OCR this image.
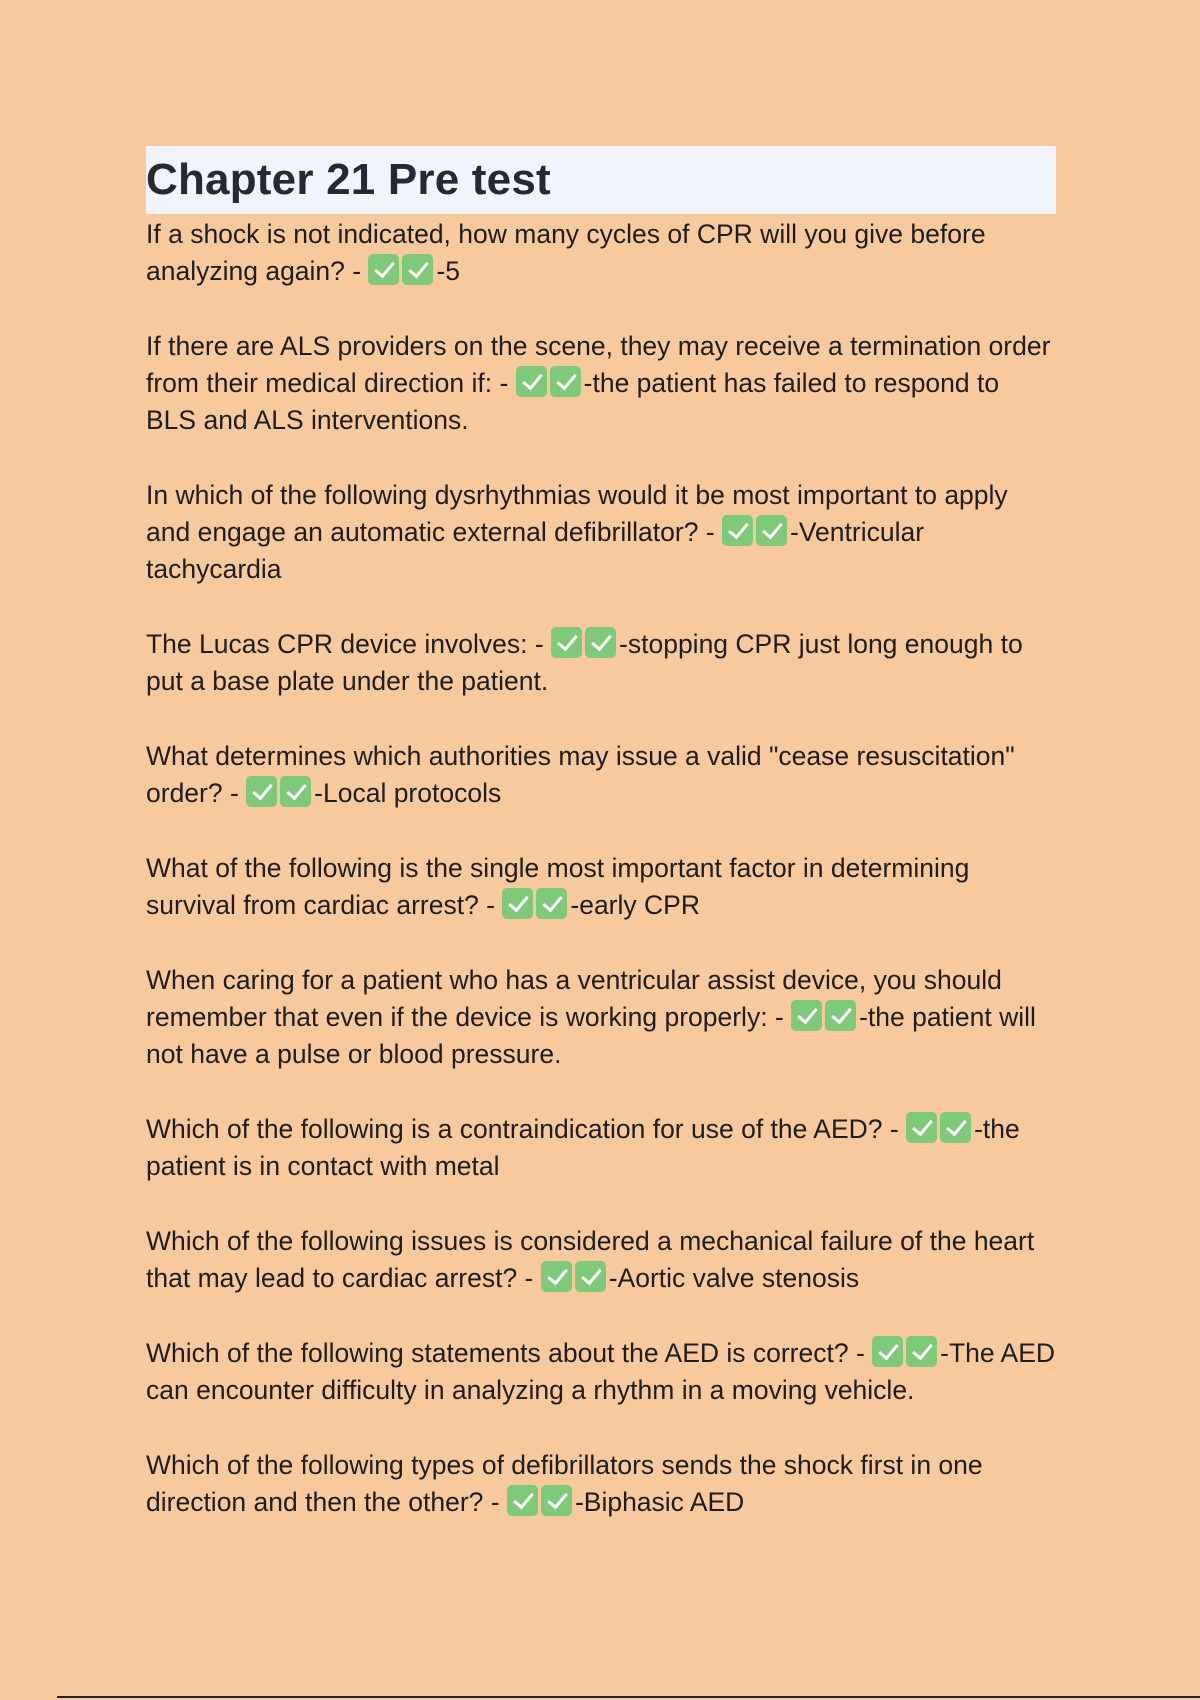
Chapter 21 Pre test

If a shock is not indicated, how many cycles of CPR will you give before analyzing again? -	-5

If there are ALS providers on the scene, they may receive a termination order from their medical direction if: -	-the patient has failed to respond to BLS and ALS interventions.

In which of the following dysrhythmias would it be most important to apply and engage an automatic external defibrillator? -	-Ventricular tachycardia

The Lucas CPR device involves: -	-stopping CPR just long enough to put a base plate under the patient.

What determines which authorities may issue a valid "cease resuscitation" order? -	-Local protocols

What of the following is the single most important factor in determining survival from cardiac arrest? -	-early CPR

When caring for a patient who has a ventricular assist device, you should remember that even if the device is working properly: -	-the patient will not have a pulse or blood pressure.

Which of the following is a contraindication for use of the AED? -	-the patient is in contact with metal

Which of the following issues is considered a mechanical failure of the heart that may lead to cardiac arrest? -	-Aortic valve stenosis

Which of the following statements about the AED is correct? -	-The AED can encounter difficulty in analyzing a rhythm in a moving vehicle.

Which of the following types of defibrillators sends the shock first in one direction and then the other? -	-Biphasic AED
